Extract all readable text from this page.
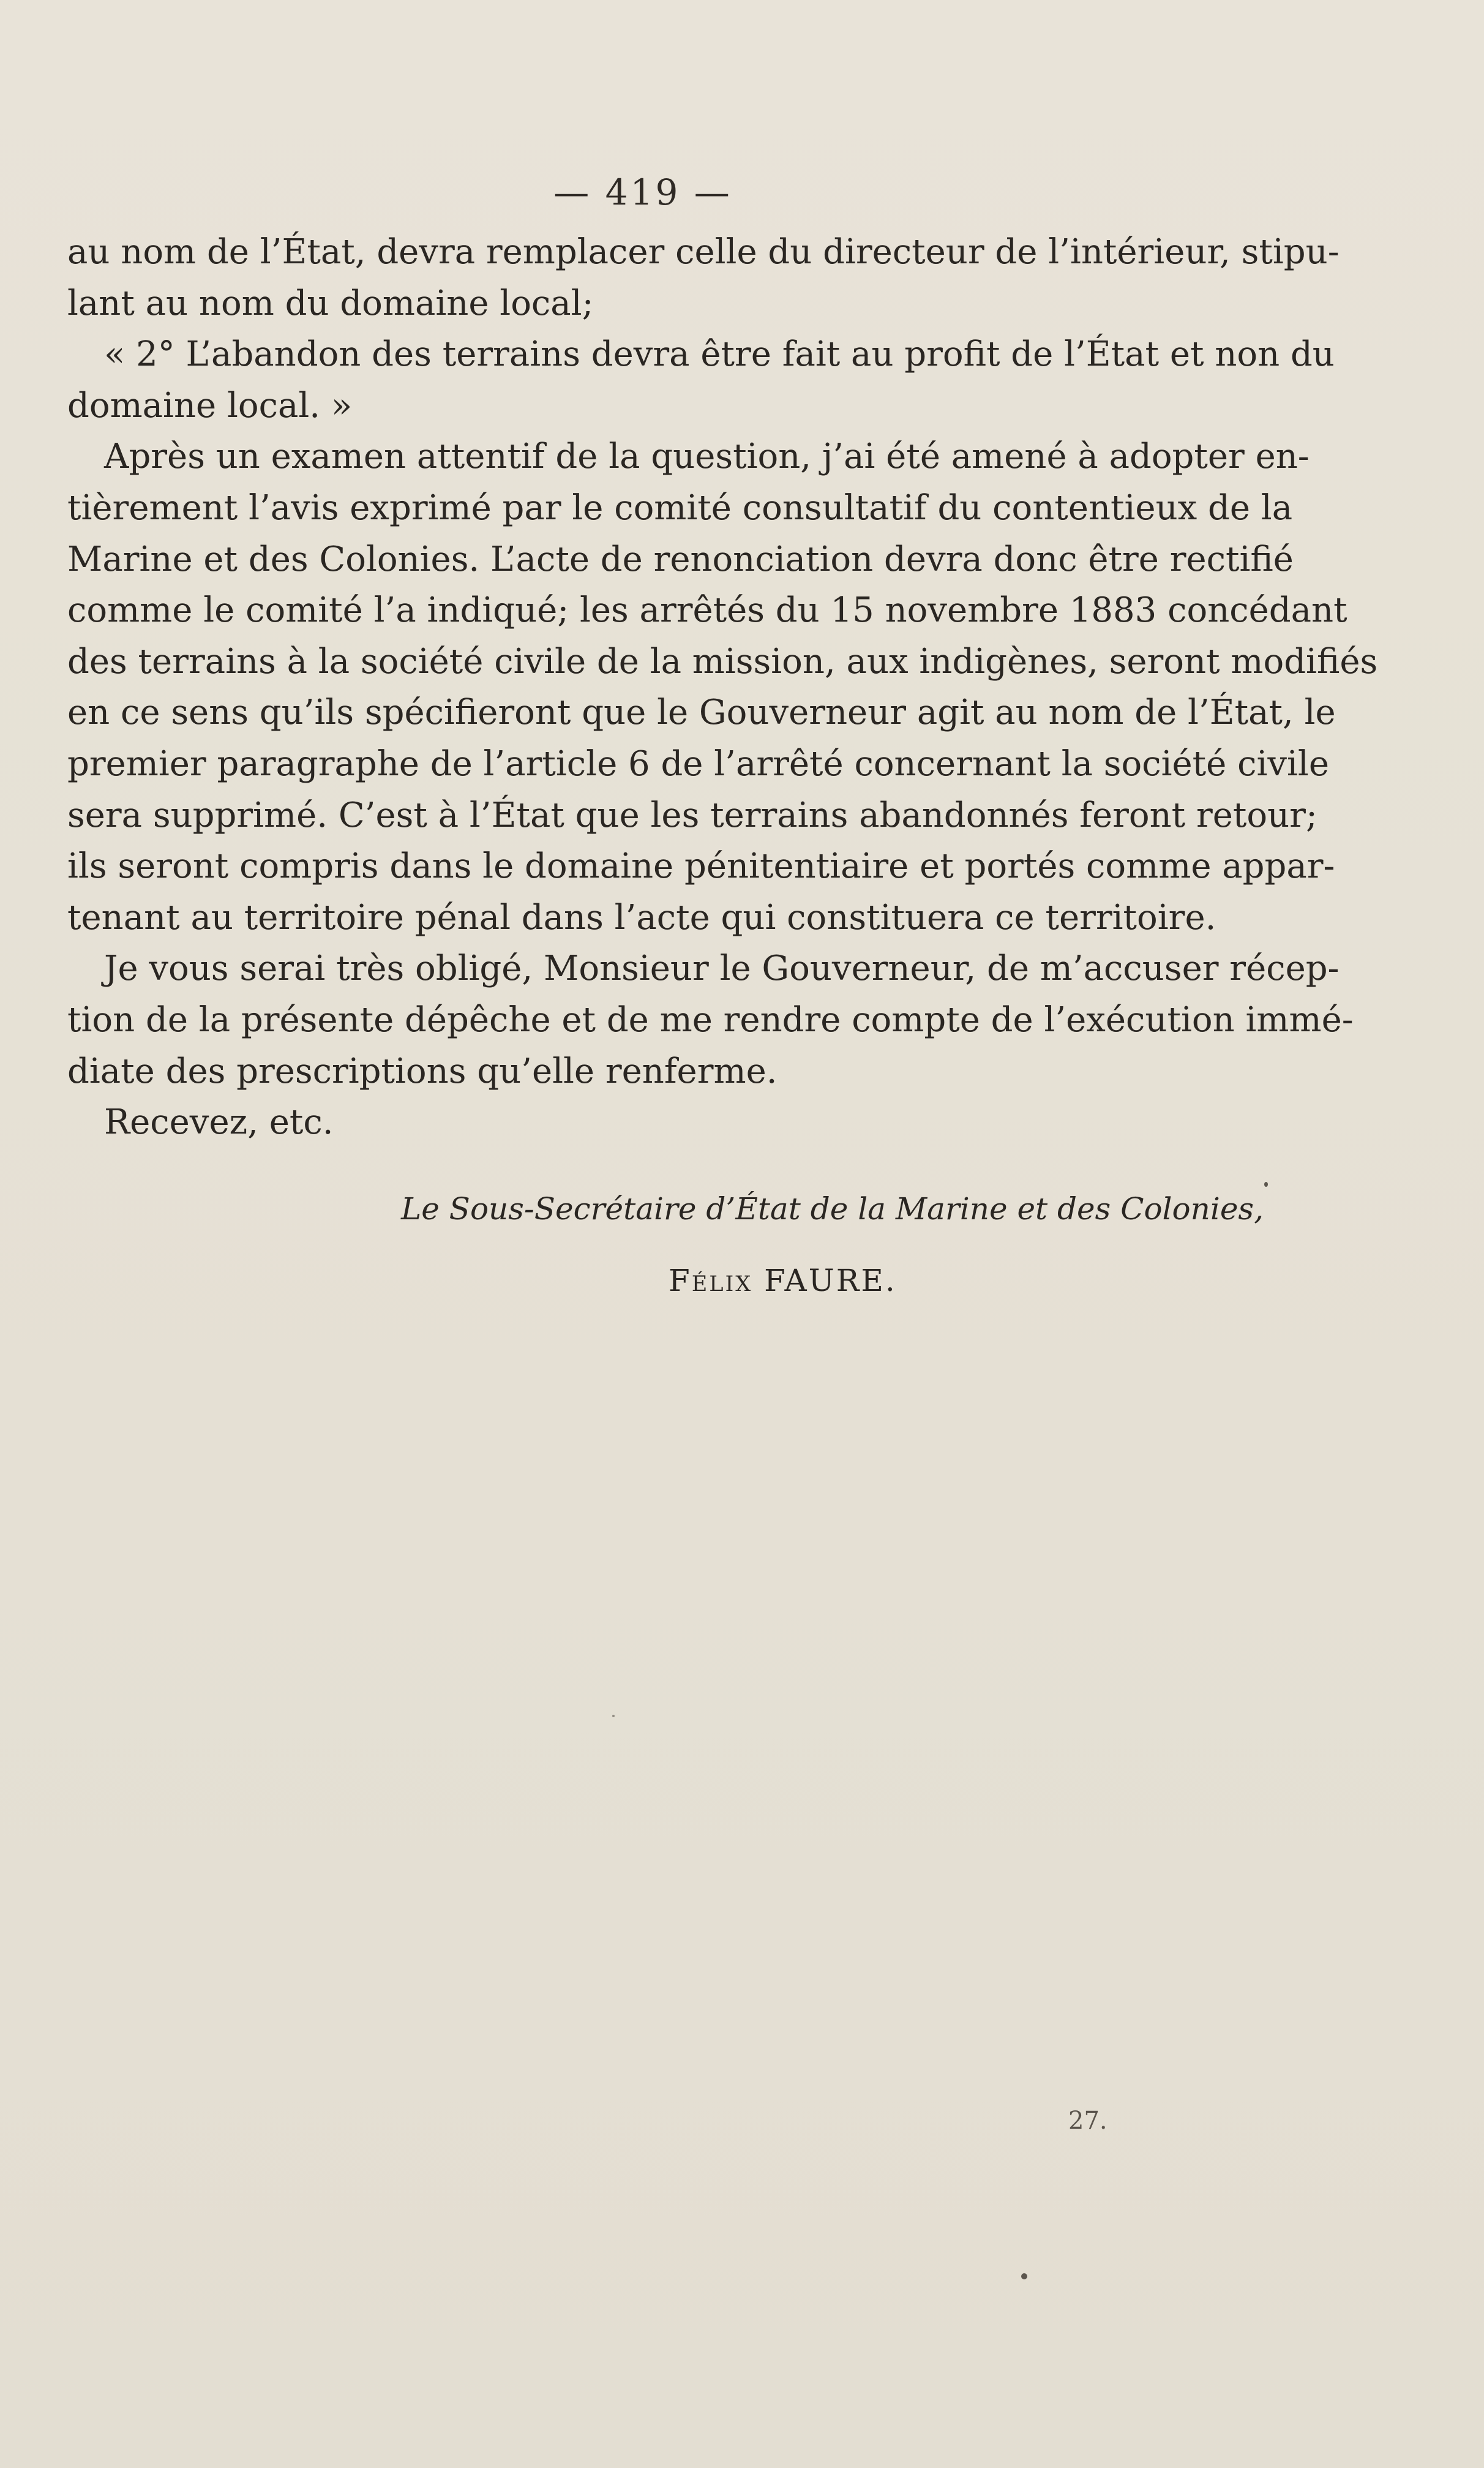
— 419 —
au nom de l’État, devra remplacer celle du directeur de l’intérieur, stipu-
lant au nom du domaine local;
« 2° L’abandon des terrains devra être fait au profit de l’État et non du
domaine local. »
Après un examen attentif de la question, j’ai été amené à adopter en-
tièrement l’avis exprimé par le comité consultatif du contentieux de la
Marine et des Colonies. L’acte de renonciation devra donc être rectifié
comme le comité l’a indiqué; les arrêtés du 15 novembre 1883 concédant
des terrains à la société civile de la mission, aux indigènes, seront modifiés
en ce sens qu’ils spécifieront que le Gouverneur agit au nom de l’État, le
premier paragraphe de l’article 6 de l’arrêté concernant la société civile
sera supprimé. C’est à l’État que les terrains abandonnés feront retour;
ils seront compris dans le domaine pénitentiaire et portés comme appar-
tenant au territoire pénal dans l’acte qui constituera ce territoire.
Je vous serai très obligé, Monsieur le Gouverneur, de m’accuser récep-
tion de la présente dépêche et de me rendre compte de l’exécution immé-
diate des prescriptions qu’elle renferme.
Recevez, etc.
Le Sous-Secrétaire d’État de la Marine et des Colonies,
Félix FAURE.
27.
